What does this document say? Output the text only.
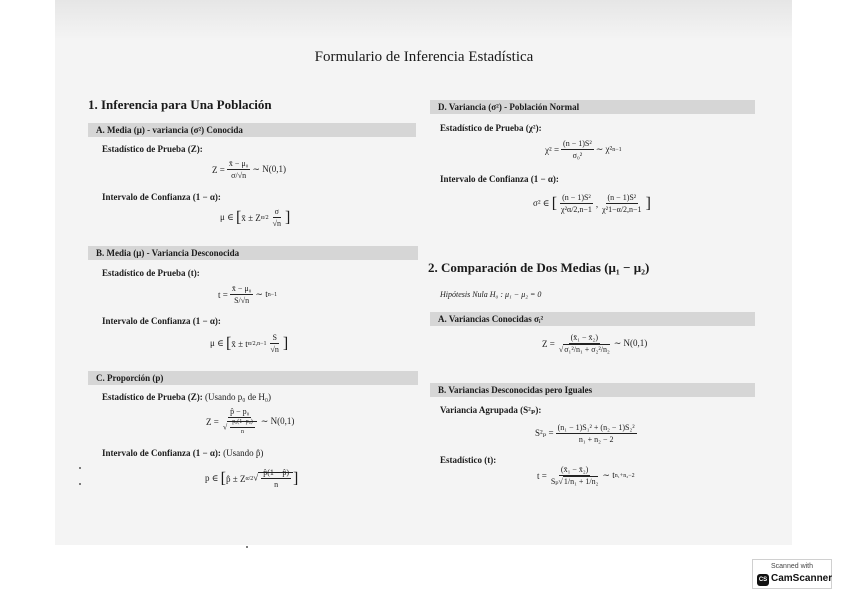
Formulario de Inferencia Estadística
1. Inferencia para Una Población
A. Media (μ) - variancia (σ²) Conocida
Estadístico de Prueba (Z):
$Z = \frac{\text{x̄ − μ₀}}{\sigma/√n}$ ∼ N(0,1)
Intervalo de Confianza (1 − α):
μ ∈
[ x̄ ± Z $\alpha/2 \frac{\sigma}{√n}$ ]
B. Media (μ) - Variancia Desconocida
Estadístico de Prueba (t):
$t = \frac{\text{x̄ − μ₀}}{S/√n}$ ∼ t n−1
Intervalo de Confianza (1 − α):
μ ∈
[ x̄ ± t $\alpha/2,n-1 \frac{S}{√n}$ ]
C. Proporción (p)
Estadístico de Prueba (Z): (Usando p₀ de H₀)
$Z = \frac{\text{p̂ − p₀}}{√ \frac{\text{p₀(1−p₀)}}{n}}$ ∼ N(0,1)
Intervalo de Confianza (1 − α): (Usando p̂)
p ∈
[ p̂ ± Z α/2 √ $\frac{p̂(1 - p̂)}{n}$ ]
D. Variancia (σ²) - Población Normal
Estadístico de Prueba (χ²):
$\chi^2 = \frac{\text{(n − 1)S²}}{\text{σ₀²}}$ ∼ χ² n−1
Intervalo de Confianza (1 − α):
σ² ∈
[ $\frac{\text{(n − 1)S²}}{\text{χ²α/2,n−1}}$ , $\frac{\text{(n − 1)S²}}{\text{χ²1−α/2,n−1}}$ ]
2. Comparación de Dos Medias (μ₁ − μ₂)
Hipótesis Nula H₀ : μ₁ − μ₂ = 0
A. Variancias Conocidas σᵢ²
$Z = \frac{\text{(x̄₁ − x̄₂)}}{\text{√σ₁²/n₁ + σ₂²/n₂}}$ ∼ N(0,1)
B. Variancias Desconocidas pero Iguales
Variancia Agrupada (S²ₚ):
$S^2_p = \frac{\text{(n₁ − 1)S₁² + (n₂ − 1)S₂²}}{\text{n₁ + n₂ − 2}}$
Estadístico (t):
$t = \frac{\text{(x̄₁ − x̄₂)}}{\text{Sₚ√1/n₁ + 1/n₂}}$ ∼ t n₁+n₂−2
Scanned with
CS CamScanner
